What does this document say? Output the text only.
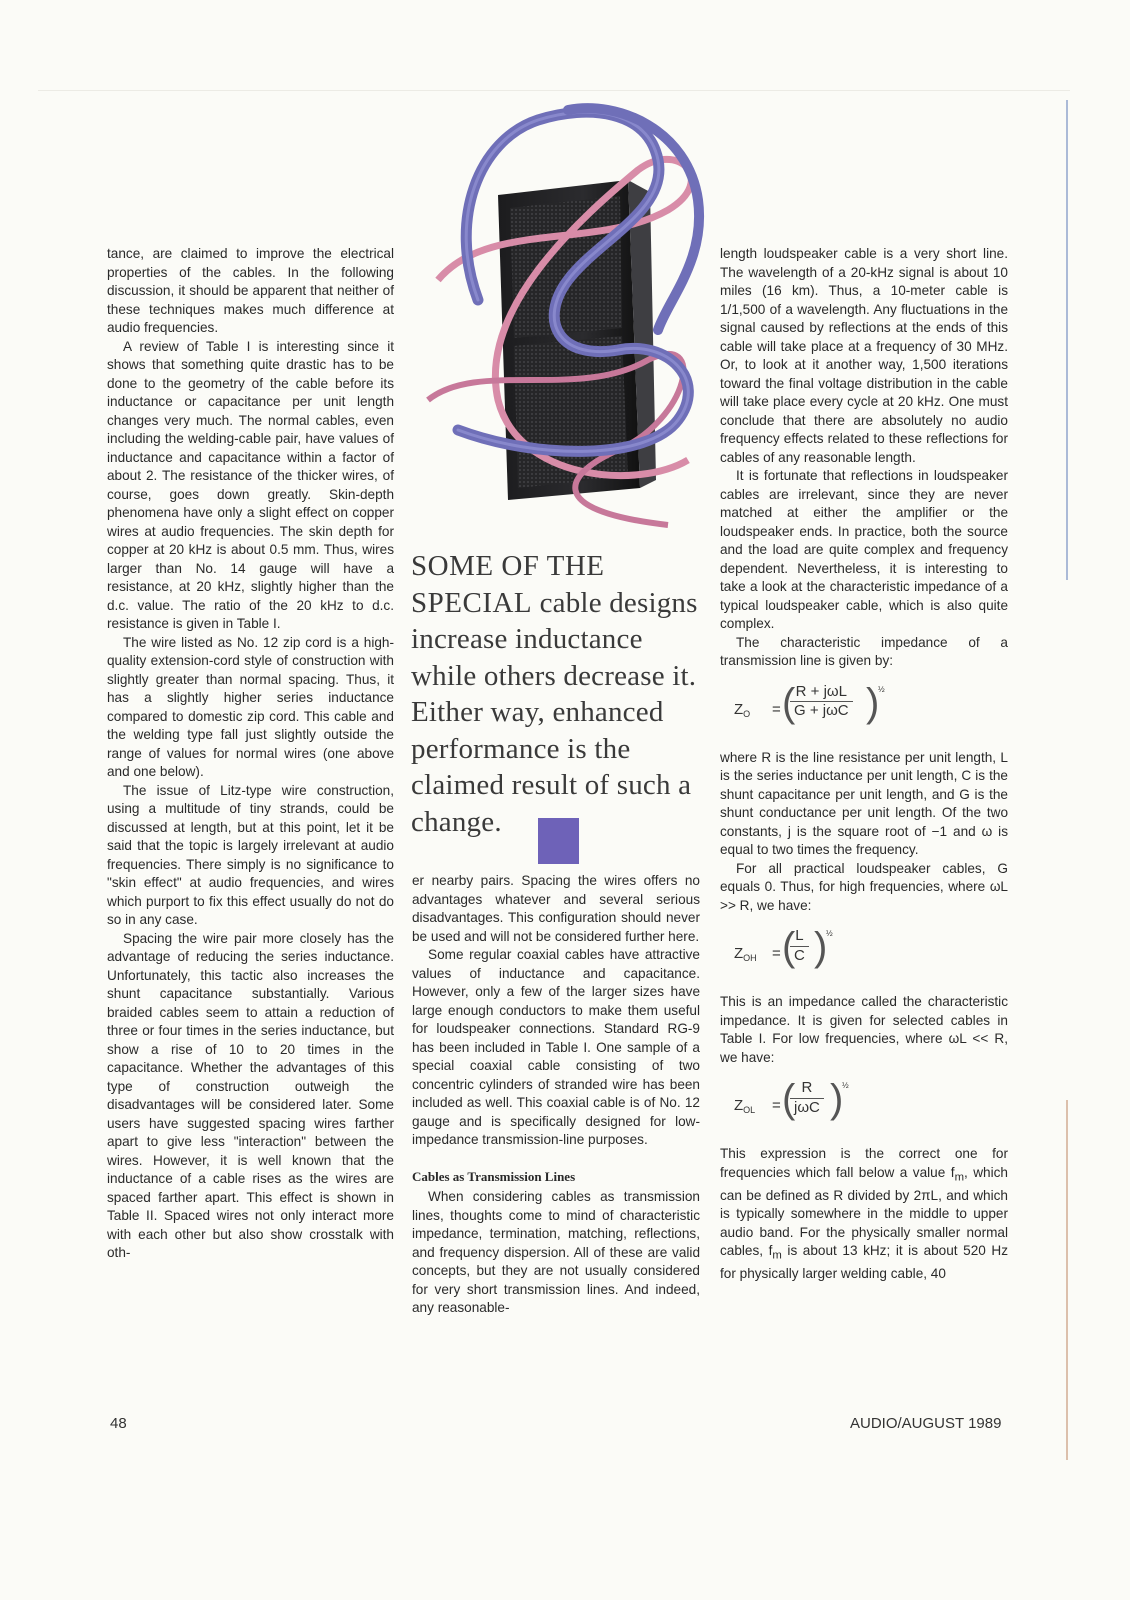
tance, are claimed to improve the electrical properties of the cables. In the following discussion, it should be apparent that neither of these techniques makes much difference at audio frequencies.

A review of Table I is interesting since it shows that something quite drastic has to be done to the geometry of the cable before its inductance or capacitance per unit length changes very much. The normal cables, even including the welding-cable pair, have values of inductance and capacitance within a factor of about 2. The resistance of the thicker wires, of course, goes down greatly. Skin-depth phenomena have only a slight effect on copper wires at audio frequencies. The skin depth for copper at 20 kHz is about 0.5 mm. Thus, wires larger than No. 14 gauge will have a resistance, at 20 kHz, slightly higher than the d.c. value. The ratio of the 20 kHz to d.c. resistance is given in Table I.

The wire listed as No. 12 zip cord is a high-quality extension-cord style of construction with slightly greater than normal spacing. Thus, it has a slightly higher series inductance compared to domestic zip cord. This cable and the welding type fall just slightly outside the range of values for normal wires (one above and one below).

The issue of Litz-type wire construction, using a multitude of tiny strands, could be discussed at length, but at this point, let it be said that the topic is largely irrelevant at audio frequencies. There simply is no significance to "skin effect" at audio frequencies, and wires which purport to fix this effect usually do not do so in any case.

Spacing the wire pair more closely has the advantage of reducing the series inductance. Unfortunately, this tactic also increases the shunt capacitance substantially. Various braided cables seem to attain a reduction of three or four times in the series inductance, but show a rise of 10 to 20 times in the capacitance. Whether the advantages of this type of construction outweigh the disadvantages will be considered later. Some users have suggested spacing wires farther apart to give less "interaction" between the wires. However, it is well known that the inductance of a cable rises as the wires are spaced farther apart. This effect is shown in Table II. Spaced wires not only interact more with each other but also show crosstalk with oth-

SOME OF THE SPECIAL cable designs increase inductance while others decrease it. Either way, enhanced performance is the claimed result of such a change.

er nearby pairs. Spacing the wires offers no advantages whatever and several serious disadvantages. This configuration should never be used and will not be considered further here.

Some regular coaxial cables have attractive values of inductance and capacitance. However, only a few of the larger sizes have large enough conductors to make them useful for loudspeaker connections. Standard RG-9 has been included in Table I. One sample of a special coaxial cable consisting of two concentric cylinders of stranded wire has been included as well. This coaxial cable is of No. 12 gauge and is specifically designed for low-impedance transmission-line purposes.

Cables as Transmission Lines

When considering cables as transmission lines, thoughts come to mind of characteristic impedance, termination, matching, reflections, and frequency dispersion. All of these are valid concepts, but they are not usually considered for very short transmission lines. And indeed, any reasonable-

length loudspeaker cable is a very short line. The wavelength of a 20-kHz signal is about 10 miles (16 km). Thus, a 10-meter cable is 1/1,500 of a wavelength. Any fluctuations in the signal caused by reflections at the ends of this cable will take place at a frequency of 30 MHz. Or, to look at it another way, 1,500 iterations toward the final voltage distribution in the cable will take place every cycle at 20 kHz. One must conclude that there are absolutely no audio frequency effects related to these reflections for cables of any reasonable length.

It is fortunate that reflections in loudspeaker cables are irrelevant, since they are never matched at either the amplifier or the loudspeaker ends. In practice, both the source and the load are quite complex and frequency dependent. Nevertheless, it is interesting to take a look at the characteristic impedance of a typical loudspeaker cable, which is also quite complex.

The characteristic impedance of a transmission line is given by:

$Z_O$ = ( R + jωL
G + jωC )
½

where R is the line resistance per unit length, L is the series inductance per unit length, C is the shunt capacitance per unit length, and G is the shunt conductance per unit length. Of the two constants, j is the square root of −1 and ω is equal to two times the frequency.

For all practical loudspeaker cables, G equals 0. Thus, for high frequencies, where ωL >> R, we have:

$Z_{OH}$ = (
$\frac{L}{C}$ )
½

This is an impedance called the characteristic impedance. It is given for selected cables in Table I. For low frequencies, where ωL << R, we have:

$Z_{OL}$ = ( R
jωC )
½

This expression is the correct one for frequencies which fall below a value $f_m$, which can be defined as R divided by 2πL, and which is typically somewhere in the middle to upper audio band. For the physically smaller normal cables, $f_m$ is about 13 kHz; it is about 520 Hz for physically larger welding cable, 40

48	AUDIO/AUGUST 1989
